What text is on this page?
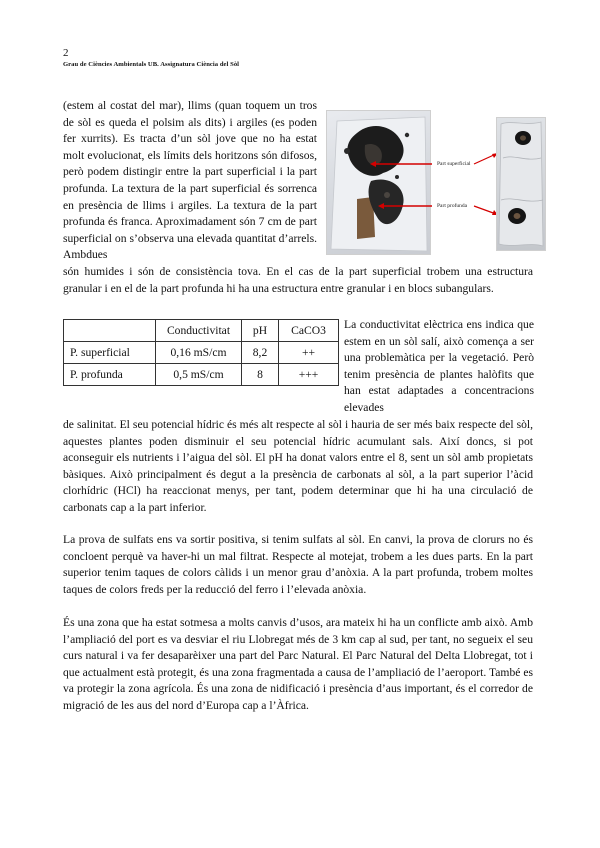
2
Grau de Ciències Ambientals UB. Assignatura Ciència del Sòl

(estem al costat del mar), llims (quan toquem un tros de sòl es queda el polsim als dits) i argiles (es poden fer xurrits). Es tracta d’un sòl jove que no ha estat molt evolucionat, els límits dels horitzons són difosos, però podem distingir entre la part superficial i la part profunda. La textura de la part superficial és sorrenca en presència de llims i argiles. La textura de la part profunda és franca. Aproximadament són 7 cm de part superficial on s’observa una elevada quantitat d’arrels. Ambdues

Part superficial
Part profunda

són humides i són de consistència tova. En el cas de la part superficial trobem una estructura granular i en el de la part profunda hi ha una estructura entre granular i en blocs subangulars.

	Conductivitat	pH	CaCO3
P. superficial	0,16 mS/cm	8,2	++
P. profunda	0,5 mS/cm	8	+++

La conductivitat elèctrica ens indica que estem en un sòl salí, això comença a ser una problemàtica per la vegetació. Però tenim presència de plantes halòfits que han estat adaptades a concentracions elevades

de salinitat. El seu potencial hídric és més alt respecte al sòl i hauria de ser més baix respecte del sòl, aquestes plantes poden disminuir el seu potencial hídric acumulant sals. Així doncs, si pot aconseguir els nutrients i l’aigua del sòl. El pH ha donat valors entre el 8, sent un sòl amb propietats bàsiques. Això principalment és degut a la presència de carbonats al sòl, a la part superior l’àcid clorhídric (HCl) ha reaccionat menys, per tant, podem determinar que hi ha una circulació de carbonats cap a la part inferior.

La prova de sulfats ens va sortir positiva, si tenim sulfats al sòl. En canvi, la prova de clorurs no és concloent perquè va haver-hi un mal filtrat. Respecte al motejat, trobem a les dues parts. En la part superior tenim taques de colors càlids i un menor grau d’anòxia. A la part profunda, trobem moltes taques de colors freds per la reducció del ferro i l’elevada anòxia.

És una zona que ha estat sotmesa a molts canvis d’usos, ara mateix hi ha un conflicte amb això. Amb l’ampliació del port es va desviar el riu Llobregat més de 3 km cap al sud, per tant, no segueix el seu curs natural i va fer desaparèixer una part del Parc Natural. El Parc Natural del Delta Llobregat, tot i que actualment està protegit, és una zona fragmentada a causa de l’ampliació de l’aeroport. També es va protegir la zona agrícola. És una zona de nidificació i presència d’aus important, és el corredor de migració de les aus del nord d’Europa cap a l’Àfrica.
